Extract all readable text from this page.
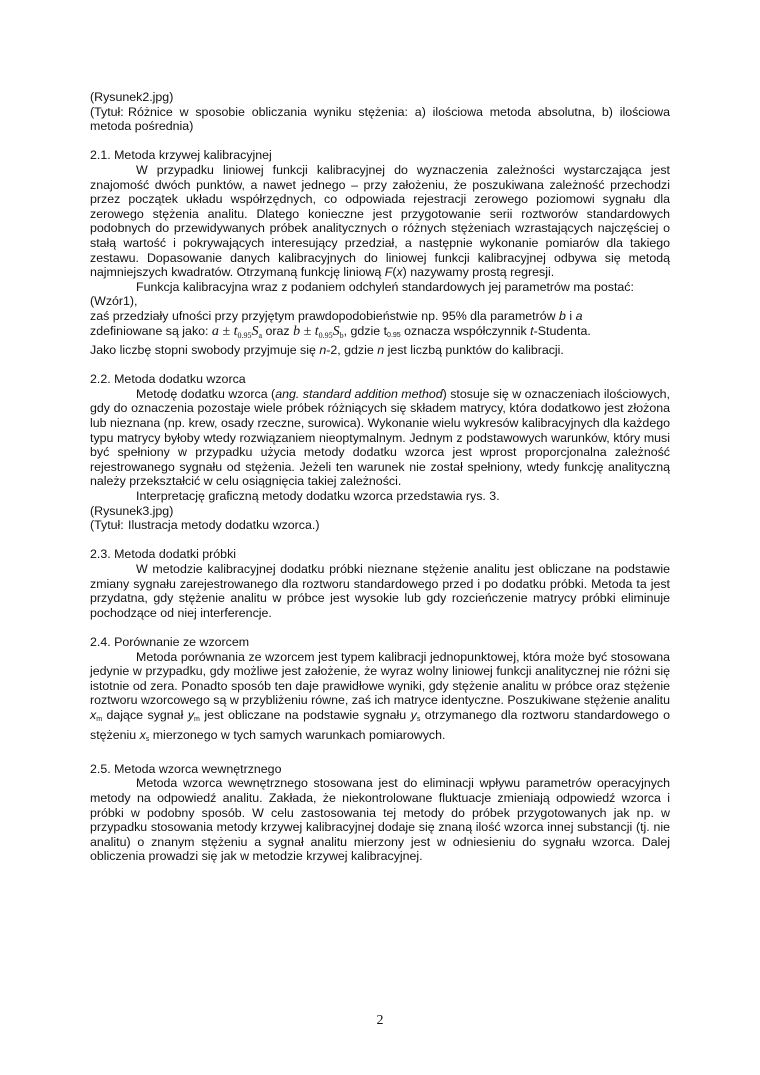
(Rysunek2.jpg)

(Tytuł: Różnice w sposobie obliczania wyniku stężenia: a) ilościowa metoda absolutna, b) ilościowa metoda pośrednia)

2.1. Metoda krzywej kalibracyjnej

W przypadku liniowej funkcji kalibracyjnej do wyznaczenia zależności wystarczająca jest znajomość dwóch punktów, a nawet jednego – przy założeniu, że poszukiwana zależność przechodzi przez początek układu współrzędnych, co odpowiada rejestracji zerowego poziomowi sygnału dla zerowego stężenia analitu. Dlatego konieczne jest przygotowanie serii roztworów standardowych podobnych do przewidywanych próbek analitycznych o różnych stężeniach wzrastających najczęściej o stałą wartość i pokrywających interesujący przedział, a następnie wykonanie pomiarów dla takiego zestawu. Dopasowanie danych kalibracyjnych do liniowej funkcji kalibracyjnej odbywa się metodą najmniejszych kwadratów. Otrzymaną funkcję liniową F(x) nazywamy prostą regresji.

Funkcja kalibracyjna wraz z podaniem odchyleń standardowych jej parametrów ma postać:

(Wzór1),

zaś przedziały ufności przy przyjętym prawdopodobieństwie np. 95% dla parametrów b i a

zdefiniowane są jako: $a \pm t_{0.95}S_a$ oraz $b \pm t_{0.95}S_b$, gdzie t0.95 oznacza współczynnik t-Studenta.

Jako liczbę stopni swobody przyjmuje się n-2, gdzie n jest liczbą punktów do kalibracji.

2.2. Metoda dodatku wzorca

Metodę dodatku wzorca (ang. standard addition method) stosuje się w oznaczeniach ilościowych, gdy do oznaczenia pozostaje wiele próbek różniących się składem matrycy, która dodatkowo jest złożona lub nieznana (np. krew, osady rzeczne, surowica). Wykonanie wielu wykresów kalibracyjnych dla każdego typu matrycy byłoby wtedy rozwiązaniem nieoptymalnym. Jednym z podstawowych warunków, który musi być spełniony w przypadku użycia metody dodatku wzorca jest wprost proporcjonalna zależność rejestrowanego sygnału od stężenia. Jeżeli ten warunek nie został spełniony, wtedy funkcję analityczną należy przekształcić w celu osiągnięcia takiej zależności.

Interpretację graficzną metody dodatku wzorca przedstawia rys. 3.

(Rysunek3.jpg)

(Tytuł: Ilustracja metody dodatku wzorca.)

2.3. Metoda dodatki próbki

W metodzie kalibracyjnej dodatku próbki nieznane stężenie analitu jest obliczane na podstawie zmiany sygnału zarejestrowanego dla roztworu standardowego przed i po dodatku próbki. Metoda ta jest przydatna, gdy stężenie analitu w próbce jest wysokie lub gdy rozcieńczenie matrycy próbki eliminuje pochodzące od niej interferencje.

2.4. Porównanie ze wzorcem

Metoda porównania ze wzorcem jest typem kalibracji jednopunktowej, która może być stosowana jedynie w przypadku, gdy możliwe jest założenie, że wyraz wolny liniowej funkcji analitycznej nie różni się istotnie od zera. Ponadto sposób ten daje prawidłowe wyniki, gdy stężenie analitu w próbce oraz stężenie roztworu wzorcowego są w przybliżeniu równe, zaś ich matryce identyczne. Poszukiwane stężenie analitu $x_m$ dające sygnał $y_m$ jest obliczane na podstawie sygnału $y_s$ otrzymanego dla roztworu standardowego o stężeniu $x_s$ mierzonego w tych samych warunkach pomiarowych.

2.5. Metoda wzorca wewnętrznego

Metoda wzorca wewnętrznego stosowana jest do eliminacji wpływu parametrów operacyjnych metody na odpowiedź analitu. Zakłada, że niekontrolowane fluktuacje zmieniają odpowiedź wzorca i próbki w podobny sposób. W celu zastosowania tej metody do próbek przygotowanych jak np. w przypadku stosowania metody krzywej kalibracyjnej dodaje się znaną ilość wzorca innej substancji (tj. nie analitu) o znanym stężeniu a sygnał analitu mierzony jest w odniesieniu do sygnału wzorca. Dalej obliczenia prowadzi się jak w metodzie krzywej kalibracyjnej.

2
